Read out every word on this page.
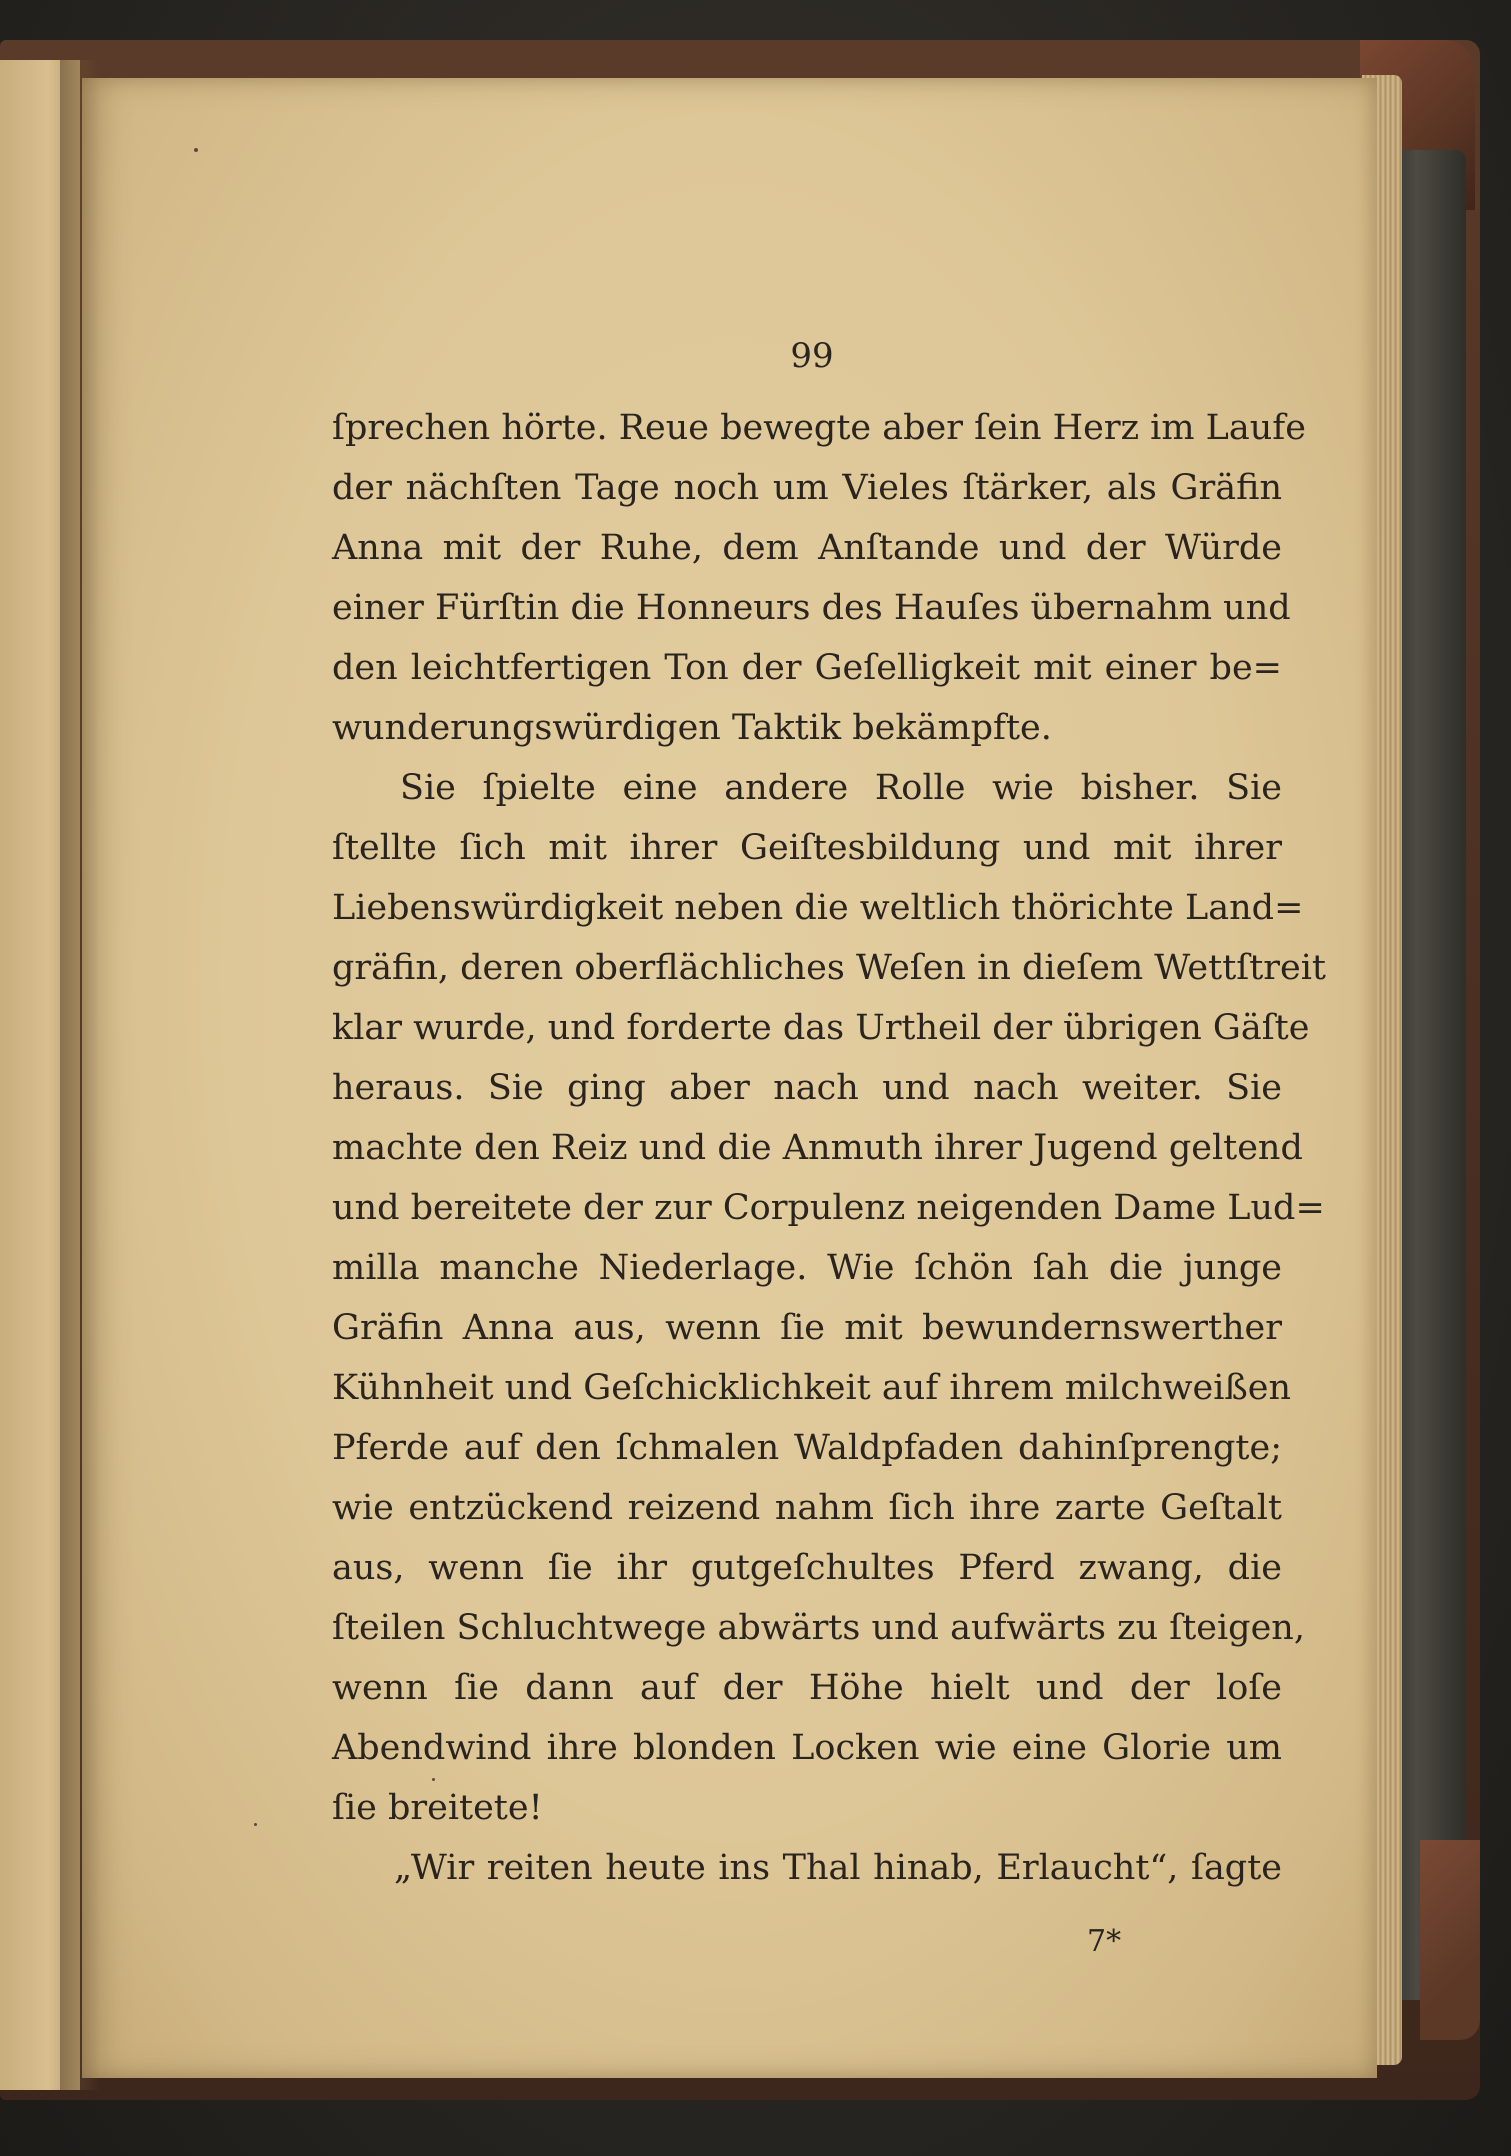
99
ſprechen hörte. Reue bewegte aber ſein Herz im Laufe
der nächſten Tage noch um Vieles ſtärker, als Gräfin
Anna mit der Ruhe, dem Anſtande und der Würde
einer Fürſtin die Honneurs des Hauſes übernahm und
den leichtfertigen Ton der Geſelligkeit mit einer be=
wunderungswürdigen Taktik bekämpfte.
Sie ſpielte eine andere Rolle wie bisher. Sie
ſtellte ſich mit ihrer Geiſtesbildung und mit ihrer
Liebenswürdigkeit neben die weltlich thörichte Land=
gräfin, deren oberflächliches Weſen in dieſem Wettſtreit
klar wurde, und forderte das Urtheil der übrigen Gäſte
heraus. Sie ging aber nach und nach weiter. Sie
machte den Reiz und die Anmuth ihrer Jugend geltend
und bereitete der zur Corpulenz neigenden Dame Lud=
milla manche Niederlage. Wie ſchön ſah die junge
Gräfin Anna aus, wenn ſie mit bewundernswerther
Kühnheit und Geſchicklichkeit auf ihrem milchweißen
Pferde auf den ſchmalen Waldpfaden dahinſprengte;
wie entzückend reizend nahm ſich ihre zarte Geſtalt
aus, wenn ſie ihr gutgeſchultes Pferd zwang, die
ſteilen Schluchtwege abwärts und aufwärts zu ſteigen,
wenn ſie dann auf der Höhe hielt und der loſe
Abendwind ihre blonden Locken wie eine Glorie um
ſie breitete!
„Wir reiten heute ins Thal hinab, Erlaucht“, ſagte
7*
